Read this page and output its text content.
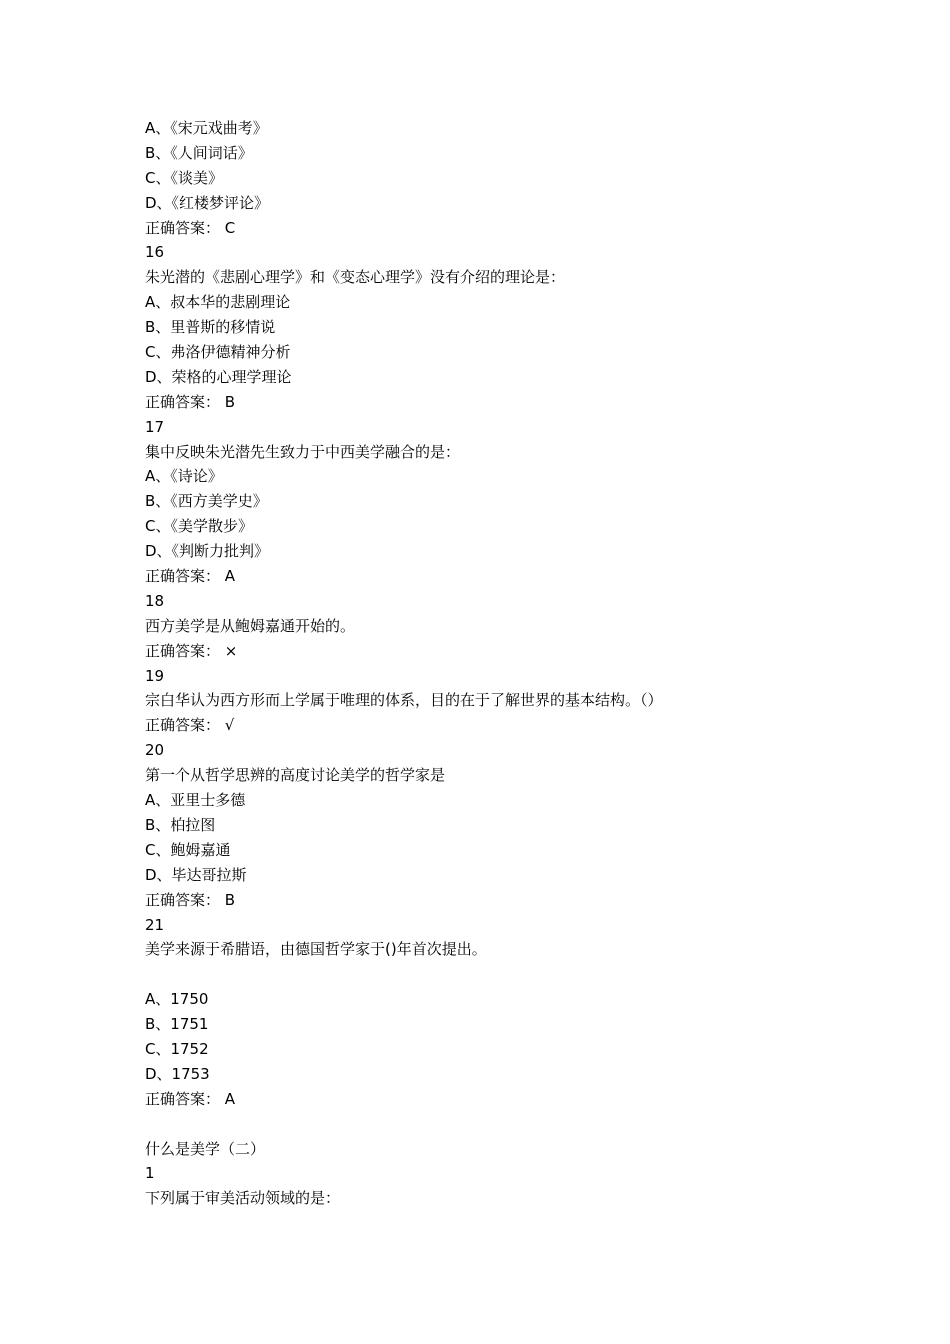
A、《宋元戏曲考》
B、《人间词话》
C、《谈美》
D、《红楼梦评论》
正确答案： C
16
朱光潜的《悲剧心理学》和《变态心理学》没有介绍的理论是：
A、叔本华的悲剧理论
B、里普斯的移情说
C、弗洛伊德精神分析
D、荣格的心理学理论
正确答案： B
17
集中反映朱光潜先生致力于中西美学融合的是：
A、《诗论》
B、《西方美学史》
C、《美学散步》
D、《判断力批判》
正确答案： A
18
西方美学是从鲍姆嘉通开始的。
正确答案： ×
19
宗白华认为西方形而上学属于唯理的体系，目的在于了解世界的基本结构。（）
正确答案： √
20
第一个从哲学思辨的高度讨论美学的哲学家是
A、亚里士多德
B、柏拉图
C、鲍姆嘉通
D、毕达哥拉斯
正确答案： B
21
美学来源于希腊语，由德国哲学家于()年首次提出。
A、1750
B、1751
C、1752
D、1753
正确答案： A
什么是美学（二）
1
下列属于审美活动领域的是：
